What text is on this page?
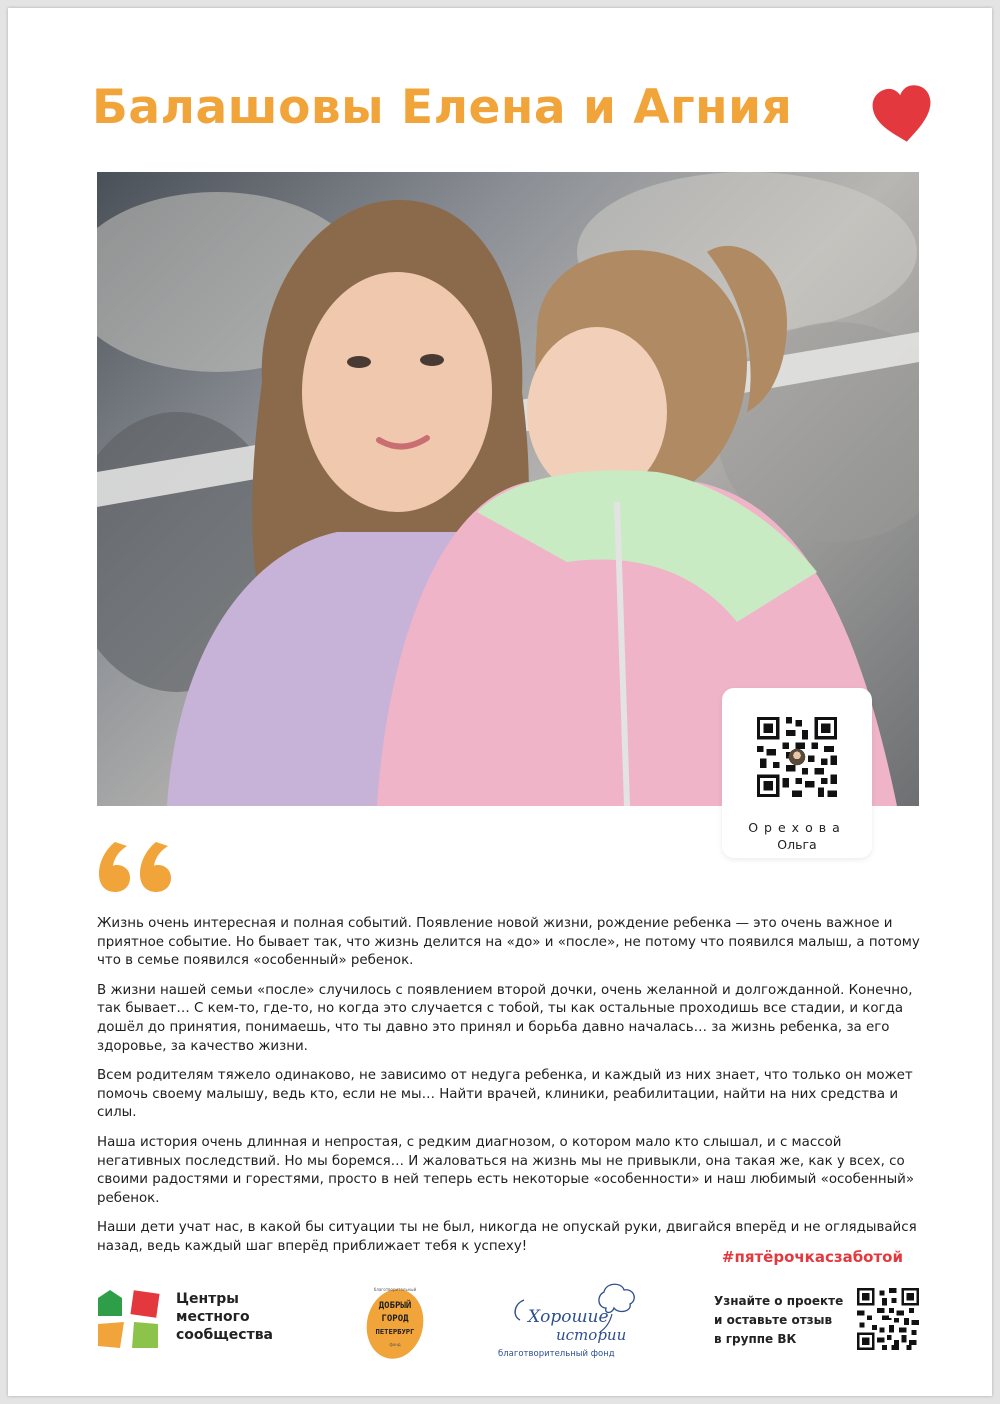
Балашовы Елена и Агния
Орехова
Ольга

Жизнь очень интересная и полная событий. Появление новой жизни, рождение ребенка — это очень важное и приятное событие. Но бывает так, что жизнь делится на «до» и «после», не потому что появился малыш, а потому что в семье появился «особенный» ребенок.

В жизни нашей семьи «после» случилось с появлением второй дочки, очень желанной и долгожданной. Конечно, так бывает… С кем-то, где-то, но когда это случается с тобой, ты как остальные проходишь все стадии, и когда дошёл до принятия, понимаешь, что ты давно это принял и борьба давно началась… за жизнь ребенка, за его здоровье, за качество жизни.

Всем родителям тяжело одинаково, не зависимо от недуга ребенка, и каждый из них знает, что только он может помочь своему малышу, ведь кто, если не мы… Найти врачей, клиники, реабилитации, найти на них средства и силы.

Наша история очень длинная и непростая, с редким диагнозом, о котором мало кто слышал, и с массой негативных последствий. Но мы боремся… И жаловаться на жизнь мы не привыкли, она такая же, как у всех, со своими радостями и горестями, просто в ней теперь есть некоторые «особенности» и наш любимый «особенный» ребенок.

Наши дети учат нас, в какой бы ситуации ты не был, никогда не опускай руки, двигайся вперёд и не оглядывайся назад, ведь каждый шаг вперёд приближает тебя к успеху!

#пятёрочкасзаботой

Центры
местного
сообщества
благотворительный
ДОБРЫЙ
ГОРОД
ПЕТЕРБУРГ
фонд
Хорошие
истории
благотворительный фонд
Узнайте о проекте
и оставьте отзыв
в группе ВК
